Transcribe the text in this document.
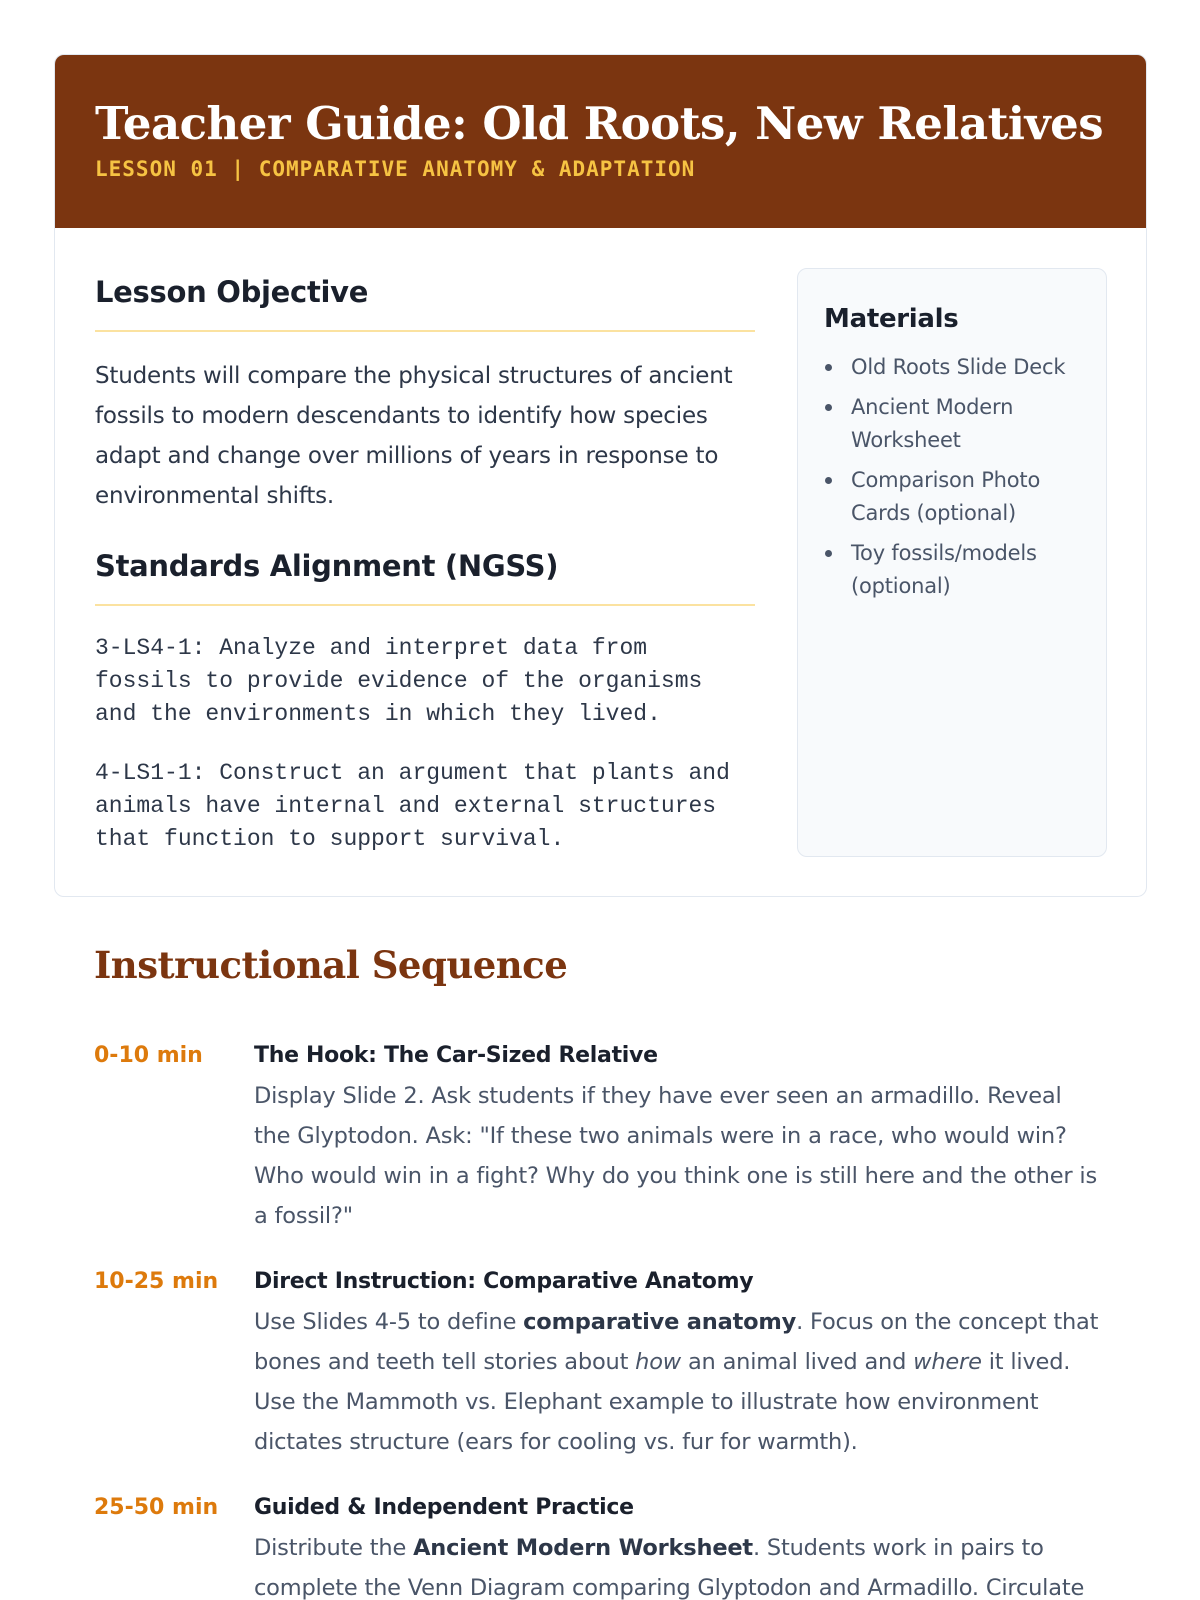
Teacher Guide: Old Roots, New Relatives
LESSON 01 | COMPARATIVE ANATOMY & ADAPTATION
Lesson Objective

Students will compare the physical structures of ancient fossils to modern descendants to identify how species adapt and change over millions of years in response to environmental shifts.

Standards Alignment (NGSS)

3-LS4-1: Analyze and interpret data from fossils to provide evidence of the organisms and the environments in which they lived.

4-LS1-1: Construct an argument that plants and animals have internal and external structures that function to support survival.

Materials
Old Roots Slide Deck
Ancient Modern Worksheet
Comparison Photo Cards (optional)
Toy fossils/models (optional)
Instructional Sequence
0-10 min The Hook: The Car-Sized Relative

Display Slide 2. Ask students if they have ever seen an armadillo. Reveal the Glyptodon. Ask: "If these two animals were in a race, who would win? Who would win in a fight? Why do you think one is still here and the other is a fossil?"

10-25 min Direct Instruction: Comparative Anatomy

Use Slides 4-5 to define comparative anatomy. Focus on the concept that bones and teeth tell stories about how an animal lived and where it lived. Use the Mammoth vs. Elephant example to illustrate how environment dictates structure (ears for cooling vs. fur for warmth).

25-50 min Guided & Independent Practice

Distribute the Ancient Modern Worksheet. Students work in pairs to complete the Venn Diagram comparing Glyptodon and Armadillo. Circulate
